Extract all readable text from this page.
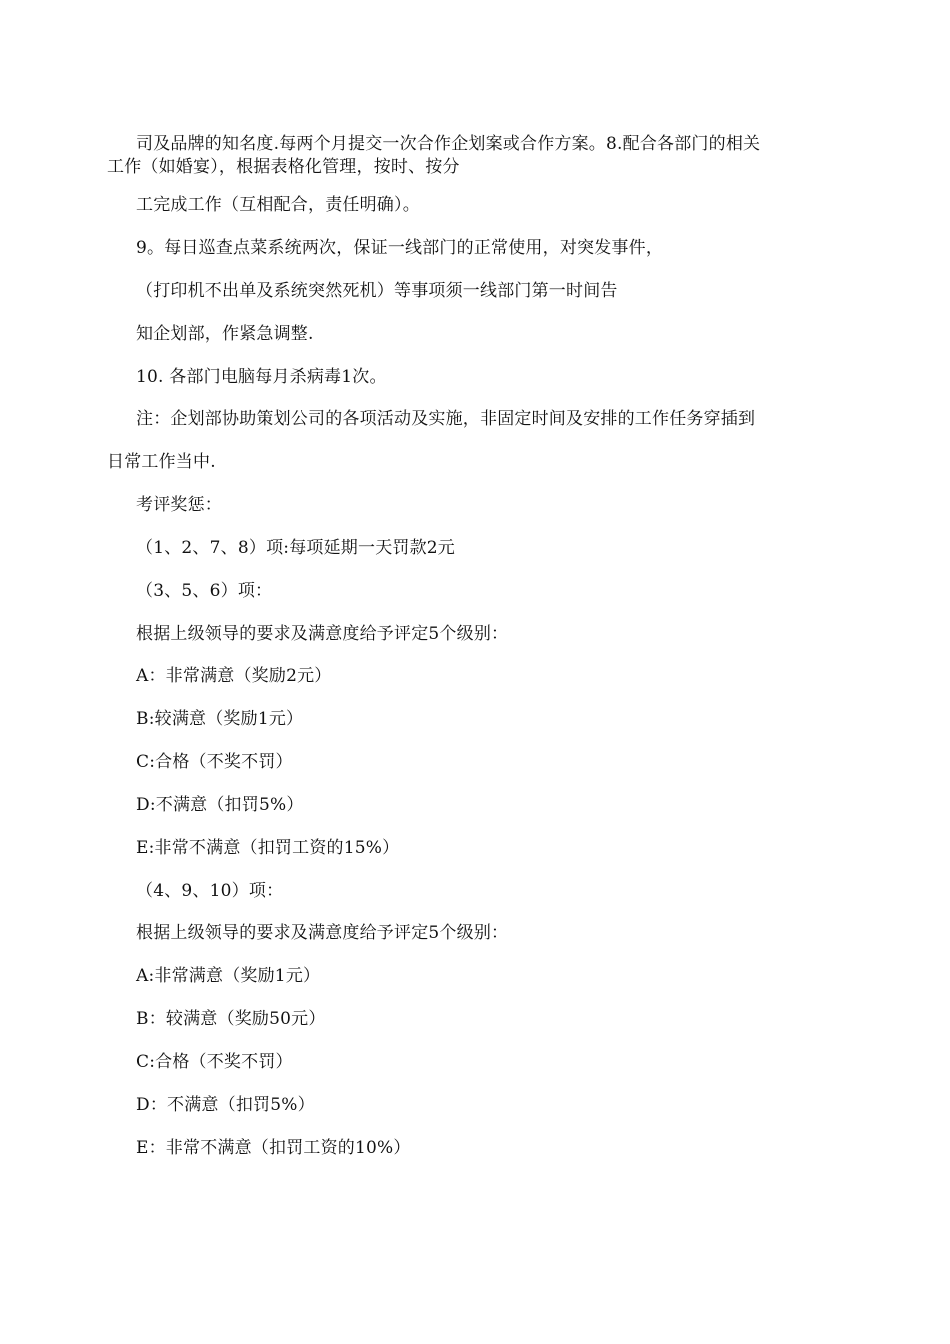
司及品牌的知名度.每两个月提交一次合作企划案或合作方案。8.配合各部门的相关
工作（如婚宴），根据表格化管理，按时、按分
工完成工作（互相配合，责任明确）。
9。每日巡查点菜系统两次，保证一线部门的正常使用，对突发事件，
（打印机不出单及系统突然死机）等事项须一线部门第一时间告
知企划部，作紧急调整.
10. 各部门电脑每月杀病毒1次。
注：企划部协助策划公司的各项活动及实施，非固定时间及安排的工作任务穿插到
日常工作当中.
考评奖惩：
（1、2、7、8）项:每项延期一天罚款2元
（3、5、6）项：
根据上级领导的要求及满意度给予评定5个级别：
A：非常满意（奖励2元）
B:较满意（奖励1元）
C:合格（不奖不罚）
D:不满意（扣罚5%）
E:非常不满意（扣罚工资的15%）
（4、9、10）项：
根据上级领导的要求及满意度给予评定5个级别：
A:非常满意（奖励1元）
B：较满意（奖励50元）
C:合格（不奖不罚）
D：不满意（扣罚5%）
E：非常不满意（扣罚工资的10%）
